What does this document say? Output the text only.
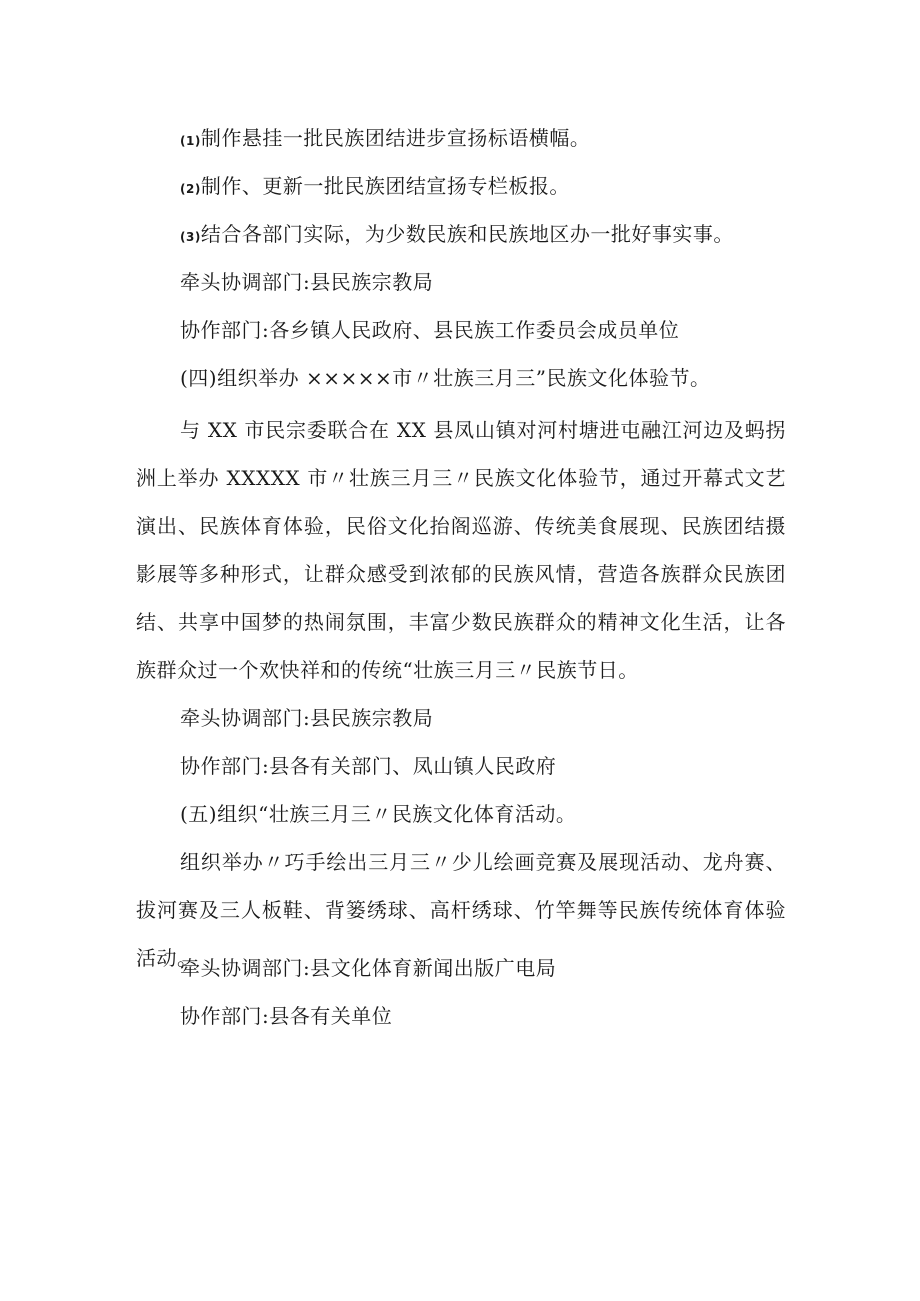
(1)制作悬挂一批民族团结进步宣扬标语横幅。
(2)制作、更新一批民族团结宣扬专栏板报。
(3)结合各部门实际，为少数民族和民族地区办一批好事实事。
牵头协调部门:县民族宗教局
协作部门:各乡镇人民政府、县民族工作委员会成员单位
(四)组织举办 ×××××市〃壮族三月三”民族文化体验节。
与 XX 市民宗委联合在 XX 县凤山镇对河村塘进屯融江河边及蚂拐洲上举办 XXXXX 市〃壮族三月三〃民族文化体验节，通过开幕式文艺演出、民族体育体验，民俗文化抬阁巡游、传统美食展现、民族团结摄影展等多种形式，让群众感受到浓郁的民族风情，营造各族群众民族团结、共享中国梦的热闹氛围，丰富少数民族群众的精神文化生活，让各族群众过一个欢快祥和的传统“壮族三月三〃民族节日。
牵头协调部门:县民族宗教局
协作部门:县各有关部门、凤山镇人民政府
(五)组织“壮族三月三〃民族文化体育活动。
组织举办〃巧手绘出三月三〃少儿绘画竞赛及展现活动、龙舟赛、拔河赛及三人板鞋、背篓绣球、高杆绣球、竹竿舞等民族传统体育体验活动。
牵头协调部门:县文化体育新闻出版广电局
协作部门:县各有关单位
